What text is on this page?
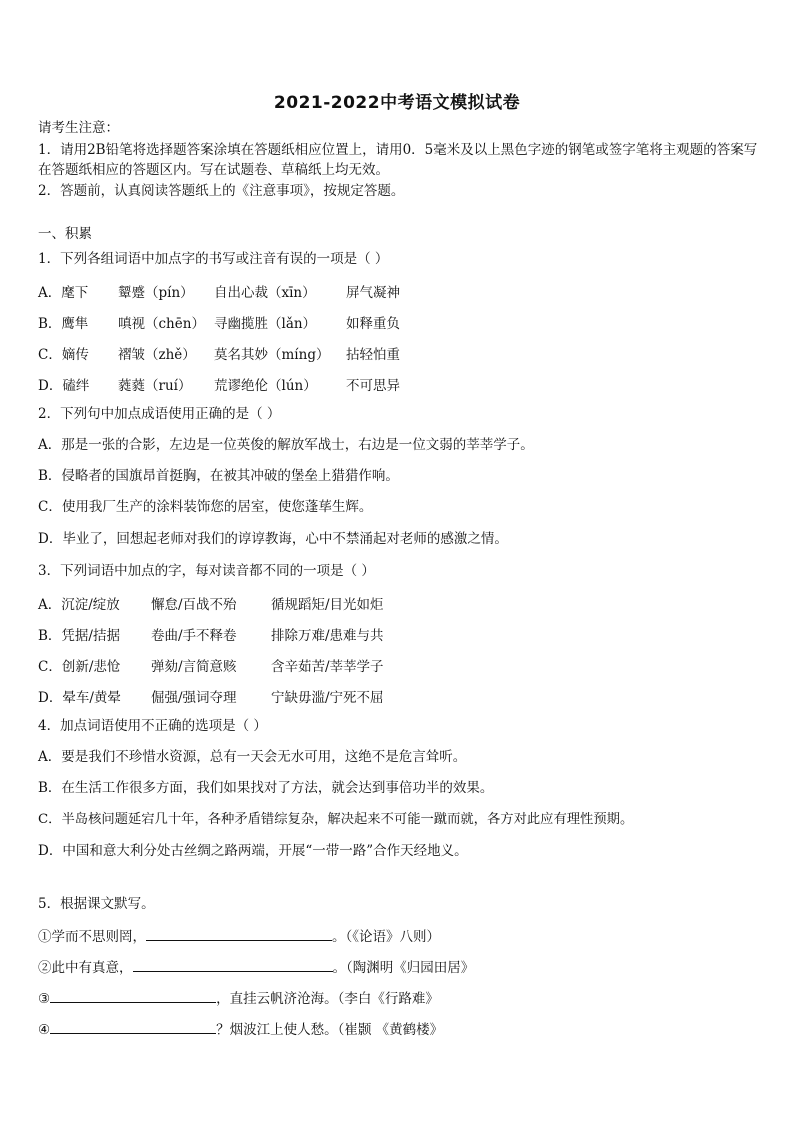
2021-2022中考语文模拟试卷
请考生注意：
1．请用2B铅笔将选择题答案涂填在答题纸相应位置上，请用0．5毫米及以上黑色字迹的钢笔或签字笔将主观题的答案写在答题纸相应的答题区内。写在试题卷、草稿纸上均无效。
2．答题前，认真阅读答题纸上的《注意事项》，按规定答题。
一、积累
1．下列各组词语中加点字的书写或注音有误的一项是（ ）
A．麾下 颦蹙（pín） 自出心裁（xīn） 屏气凝神
B．鹰隼 嗔视（chēn） 寻幽揽胜（lǎn） 如释重负
C．嫡传 褶皱（zhě） 莫名其妙（míng） 拈轻怕重
D．磕绊 蕤蕤（ruí） 荒谬绝伦（lún） 不可思异
2．下列句中加点成语使用正确的是（ ）
A．那是一张的合影，左边是一位英俊的解放军战士，右边是一位文弱的莘莘学子。
B．侵略者的国旗昂首挺胸，在被其冲破的堡垒上猎猎作响。
C．使用我厂生产的涂料装饰您的居室，使您蓬荜生辉。
D．毕业了，回想起老师对我们的谆谆教诲，心中不禁涌起对老师的感激之情。
3．下列词语中加点的字，每对读音都不同的一项是（ ）
A．沉淀/绽放 懈怠/百战不殆	循规蹈矩/目光如炬
B．凭据/拮据 卷曲/手不释卷	排除万难/患难与共
C．创新/悲怆 弹劾/言简意赅	含辛茹苦/莘莘学子
D．晕车/黄晕 倔强/强词夺理	宁缺毋滥/宁死不屈
4．加点词语使用不正确的选项是（ ）
A．要是我们不珍惜水资源，总有一天会无水可用，这绝不是危言耸听。
B．在生活工作很多方面，我们如果找对了方法，就会达到事倍功半的效果。
C．半岛核问题延宕几十年，各种矛盾错综复杂，解决起来不可能一蹴而就，各方对此应有理性预期。
D．中国和意大利分处古丝绸之路两端，开展“一带一路”合作天经地义。
5．根据课文默写。
①学而不思则罔，	。（《论语》八则）
②此中有真意，	。（陶渊明《归园田居》
③	，直挂云帆济沧海。（李白《行路难》
④	？烟波江上使人愁。（崔颢 《黄鹤楼》
